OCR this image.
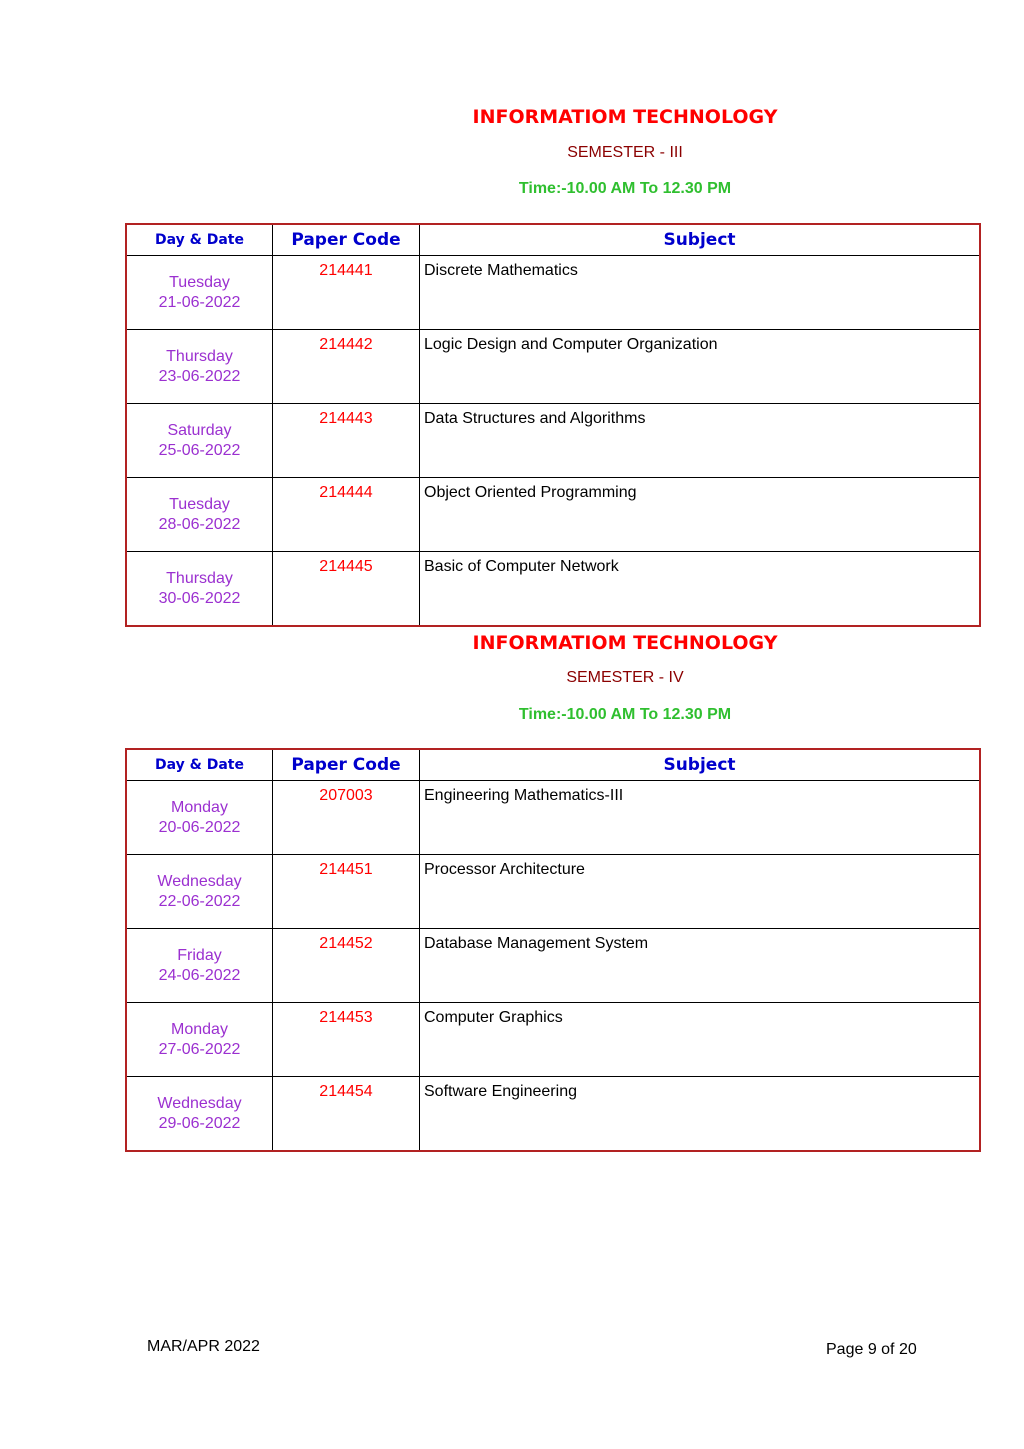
INFORMATIOM TECHNOLOGY
SEMESTER - III
Time:-10.00 AM To 12.30 PM
Day & Date	Paper Code	Subject
Tuesday
21-06-2022	214441	Discrete Mathematics
Thursday
23-06-2022	214442	Logic Design and Computer Organization
Saturday
25-06-2022	214443	Data Structures and Algorithms
Tuesday
28-06-2022	214444	Object Oriented Programming
Thursday
30-06-2022	214445	Basic of Computer Network
INFORMATIOM TECHNOLOGY
SEMESTER - IV
Time:-10.00 AM To 12.30 PM
Day & Date	Paper Code	Subject
Monday
20-06-2022	207003	Engineering Mathematics-III
Wednesday
22-06-2022	214451	Processor Architecture
Friday
24-06-2022	214452	Database Management System
Monday
27-06-2022	214453	Computer Graphics
Wednesday
29-06-2022	214454	Software Engineering
MAR/APR 2022	Page 9 of 20
